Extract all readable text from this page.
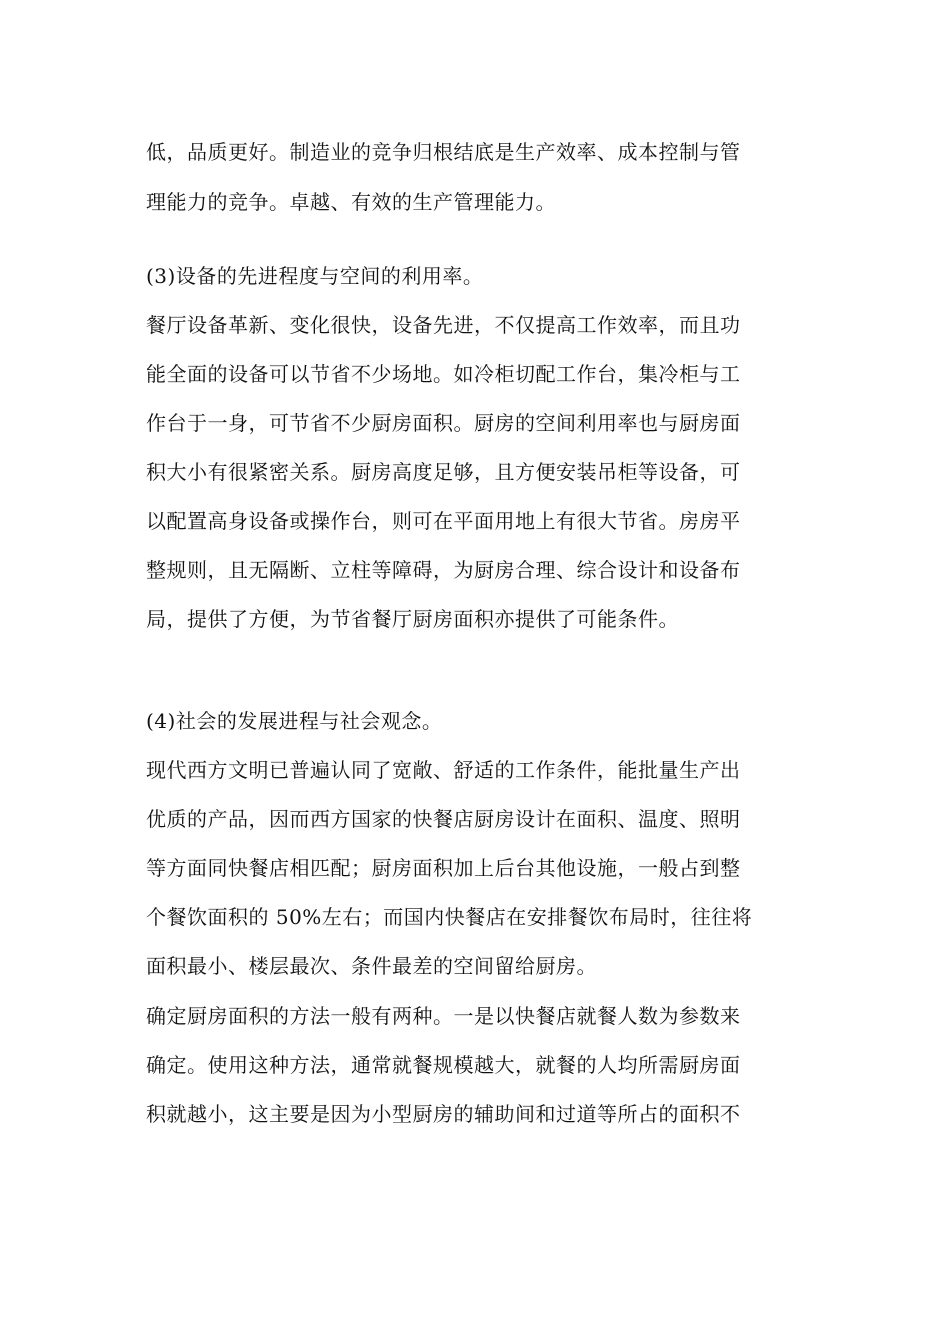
低，品质更好。制造业的竞争归根结底是生产效率、成本控制与管
理能力的竞争。卓越、有效的生产管理能力。
(3)设备的先进程度与空间的利用率。
餐厅设备革新、变化很快，设备先进，不仅提高工作效率，而且功
能全面的设备可以节省不少场地。如冷柜切配工作台，集冷柜与工
作台于一身，可节省不少厨房面积。厨房的空间利用率也与厨房面
积大小有很紧密关系。厨房高度足够，且方便安装吊柜等设备，可
以配置高身设备或操作台，则可在平面用地上有很大节省。房房平
整规则，且无隔断、立柱等障碍，为厨房合理、综合设计和设备布
局，提供了方便，为节省餐厅厨房面积亦提供了可能条件。
(4)社会的发展进程与社会观念。
现代西方文明已普遍认同了宽敞、舒适的工作条件，能批量生产出
优质的产品，因而西方国家的快餐店厨房设计在面积、温度、照明
等方面同快餐店相匹配；厨房面积加上后台其他设施，一般占到整
个餐饮面积的 50%左右；而国内快餐店在安排餐饮布局时，往往将
面积最小、楼层最次、条件最差的空间留给厨房。
确定厨房面积的方法一般有两种。一是以快餐店就餐人数为参数来
确定。使用这种方法，通常就餐规模越大，就餐的人均所需厨房面
积就越小，这主要是因为小型厨房的辅助间和过道等所占的面积不
